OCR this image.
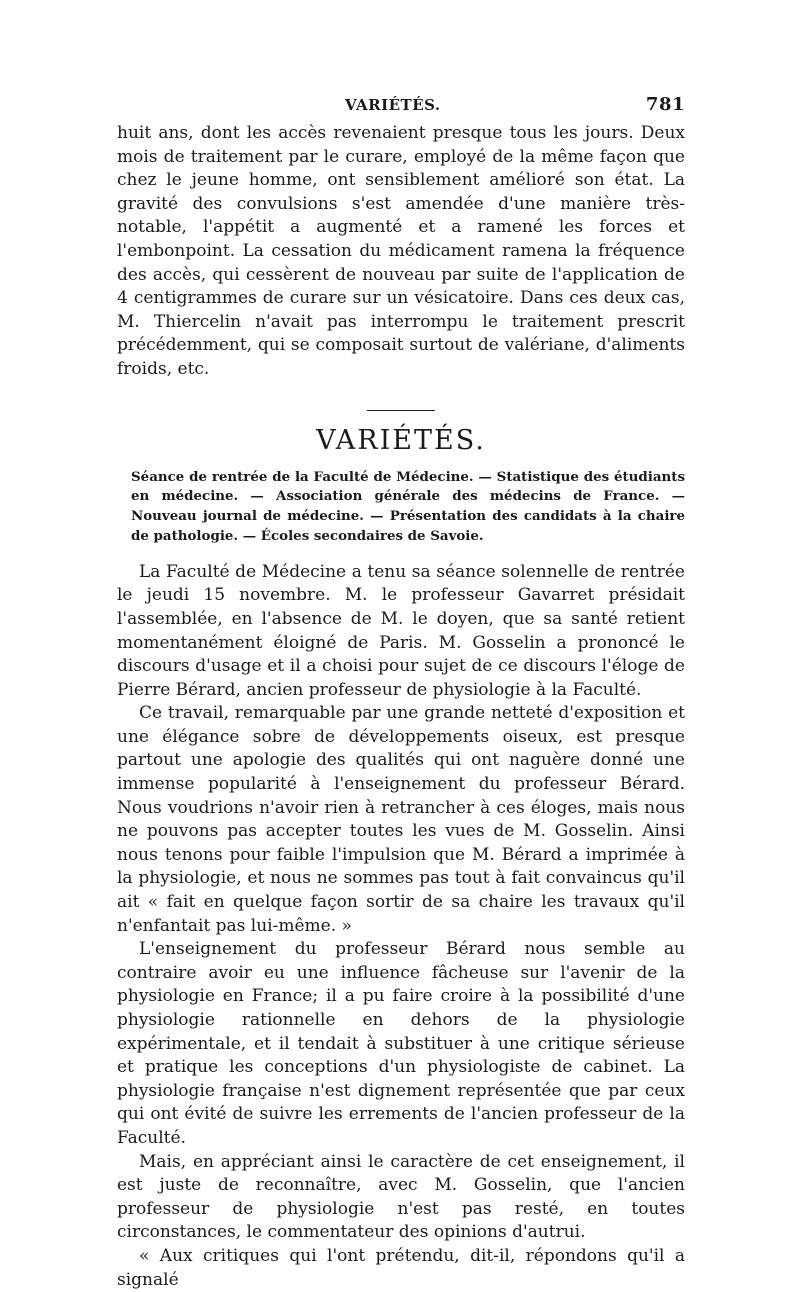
VARIÉTÉS.	781

huit ans, dont les accès revenaient presque tous les jours. Deux mois de traitement par le curare, employé de la même façon que chez le jeune homme, ont sensiblement amélioré son état. La gravité des convulsions s'est amendée d'une manière très-notable, l'appétit a augmenté et a ramené les forces et l'embonpoint. La cessation du médicament ramena la fréquence des accès, qui cessèrent de nouveau par suite de l'application de 4 centigrammes de curare sur un vésicatoire. Dans ces deux cas, M. Thiercelin n'avait pas interrompu le traitement prescrit précédemment, qui se composait surtout de valériane, d'aliments froids, etc.

VARIÉTÉS.

Séance de rentrée de la Faculté de Médecine. — Statistique des étudiants en médecine. — Association générale des médecins de France. — Nouveau journal de médecine. — Présentation des candidats à la chaire de pathologie. — Écoles secondaires de Savoie.

La Faculté de Médecine a tenu sa séance solennelle de rentrée le jeudi 15 novembre. M. le professeur Gavarret présidait l'assemblée, en l'absence de M. le doyen, que sa santé retient momentanément éloigné de Paris. M. Gosselin a prononcé le discours d'usage et il a choisi pour sujet de ce discours l'éloge de Pierre Bérard, ancien professeur de physiologie à la Faculté.

Ce travail, remarquable par une grande netteté d'exposition et une élégance sobre de développements oiseux, est presque partout une apologie des qualités qui ont naguère donné une immense popularité à l'enseignement du professeur Bérard. Nous voudrions n'avoir rien à retrancher à ces éloges, mais nous ne pouvons pas accepter toutes les vues de M. Gosselin. Ainsi nous tenons pour faible l'impulsion que M. Bérard a imprimée à la physiologie, et nous ne sommes pas tout à fait convaincus qu'il ait « fait en quelque façon sortir de sa chaire les travaux qu'il n'enfantait pas lui-même. »

L'enseignement du professeur Bérard nous semble au contraire avoir eu une influence fâcheuse sur l'avenir de la physiologie en France; il a pu faire croire à la possibilité d'une physiologie rationnelle en dehors de la physiologie expérimentale, et il tendait à substituer à une critique sérieuse et pratique les conceptions d'un physiologiste de cabinet. La physiologie française n'est dignement représentée que par ceux qui ont évité de suivre les errements de l'ancien professeur de la Faculté.

Mais, en appréciant ainsi le caractère de cet enseignement, il est juste de reconnaître, avec M. Gosselin, que l'ancien professeur de physiologie n'est pas resté, en toutes circonstances, le commentateur des opinions d'autrui.

« Aux critiques qui l'ont prétendu, dit-il, répondons qu'il a signalé
